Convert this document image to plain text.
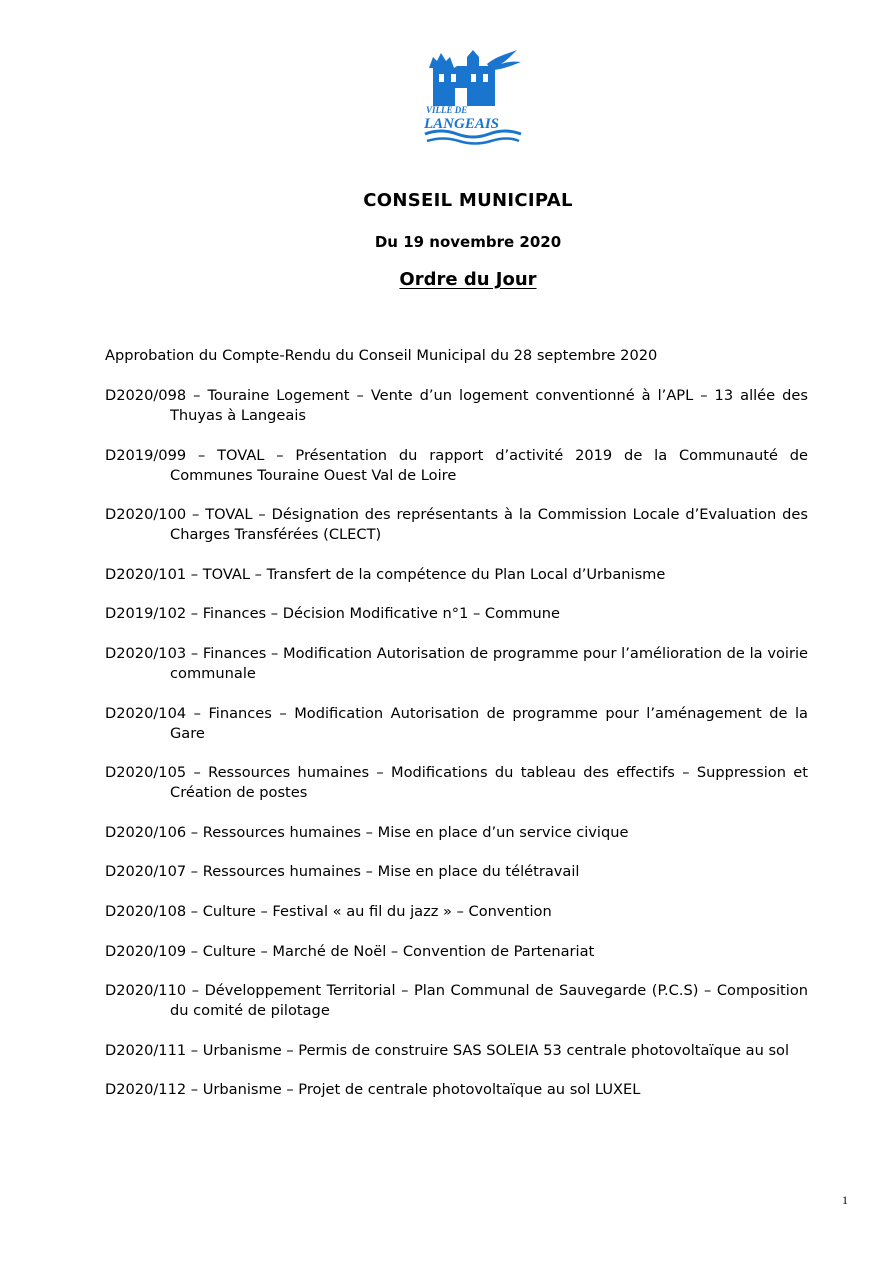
VILLE DE
LANGEAIS
CONSEIL MUNICIPAL
Du 19 novembre 2020
Ordre du Jour

Approbation du Compte-Rendu du Conseil Municipal du 28 septembre 2020

D2020/098 – Touraine Logement – Vente d’un logement conventionné à l’APL – 13 allée des Thuyas à Langeais

D2019/099 – TOVAL – Présentation du rapport d’activité 2019 de la Communauté de Communes Touraine Ouest Val de Loire

D2020/100 – TOVAL – Désignation des représentants à la Commission Locale d’Evaluation des Charges Transférées (CLECT)

D2020/101 – TOVAL – Transfert de la compétence du Plan Local d’Urbanisme

D2019/102 – Finances – Décision Modificative n°1 – Commune

D2020/103 – Finances – Modification Autorisation de programme pour l’amélioration de la voirie communale

D2020/104 – Finances – Modification Autorisation de programme pour l’aménagement de la Gare

D2020/105 – Ressources humaines – Modifications du tableau des effectifs – Suppression et Création de postes

D2020/106 – Ressources humaines – Mise en place d’un service civique

D2020/107 – Ressources humaines – Mise en place du télétravail

D2020/108 – Culture – Festival « au fil du jazz » – Convention

D2020/109 – Culture – Marché de Noël – Convention de Partenariat

D2020/110 – Développement Territorial – Plan Communal de Sauvegarde (P.C.S) – Composition du comité de pilotage

D2020/111 – Urbanisme – Permis de construire SAS SOLEIA 53 centrale photovoltaïque au sol

D2020/112 – Urbanisme – Projet de centrale photovoltaïque au sol LUXEL

1
